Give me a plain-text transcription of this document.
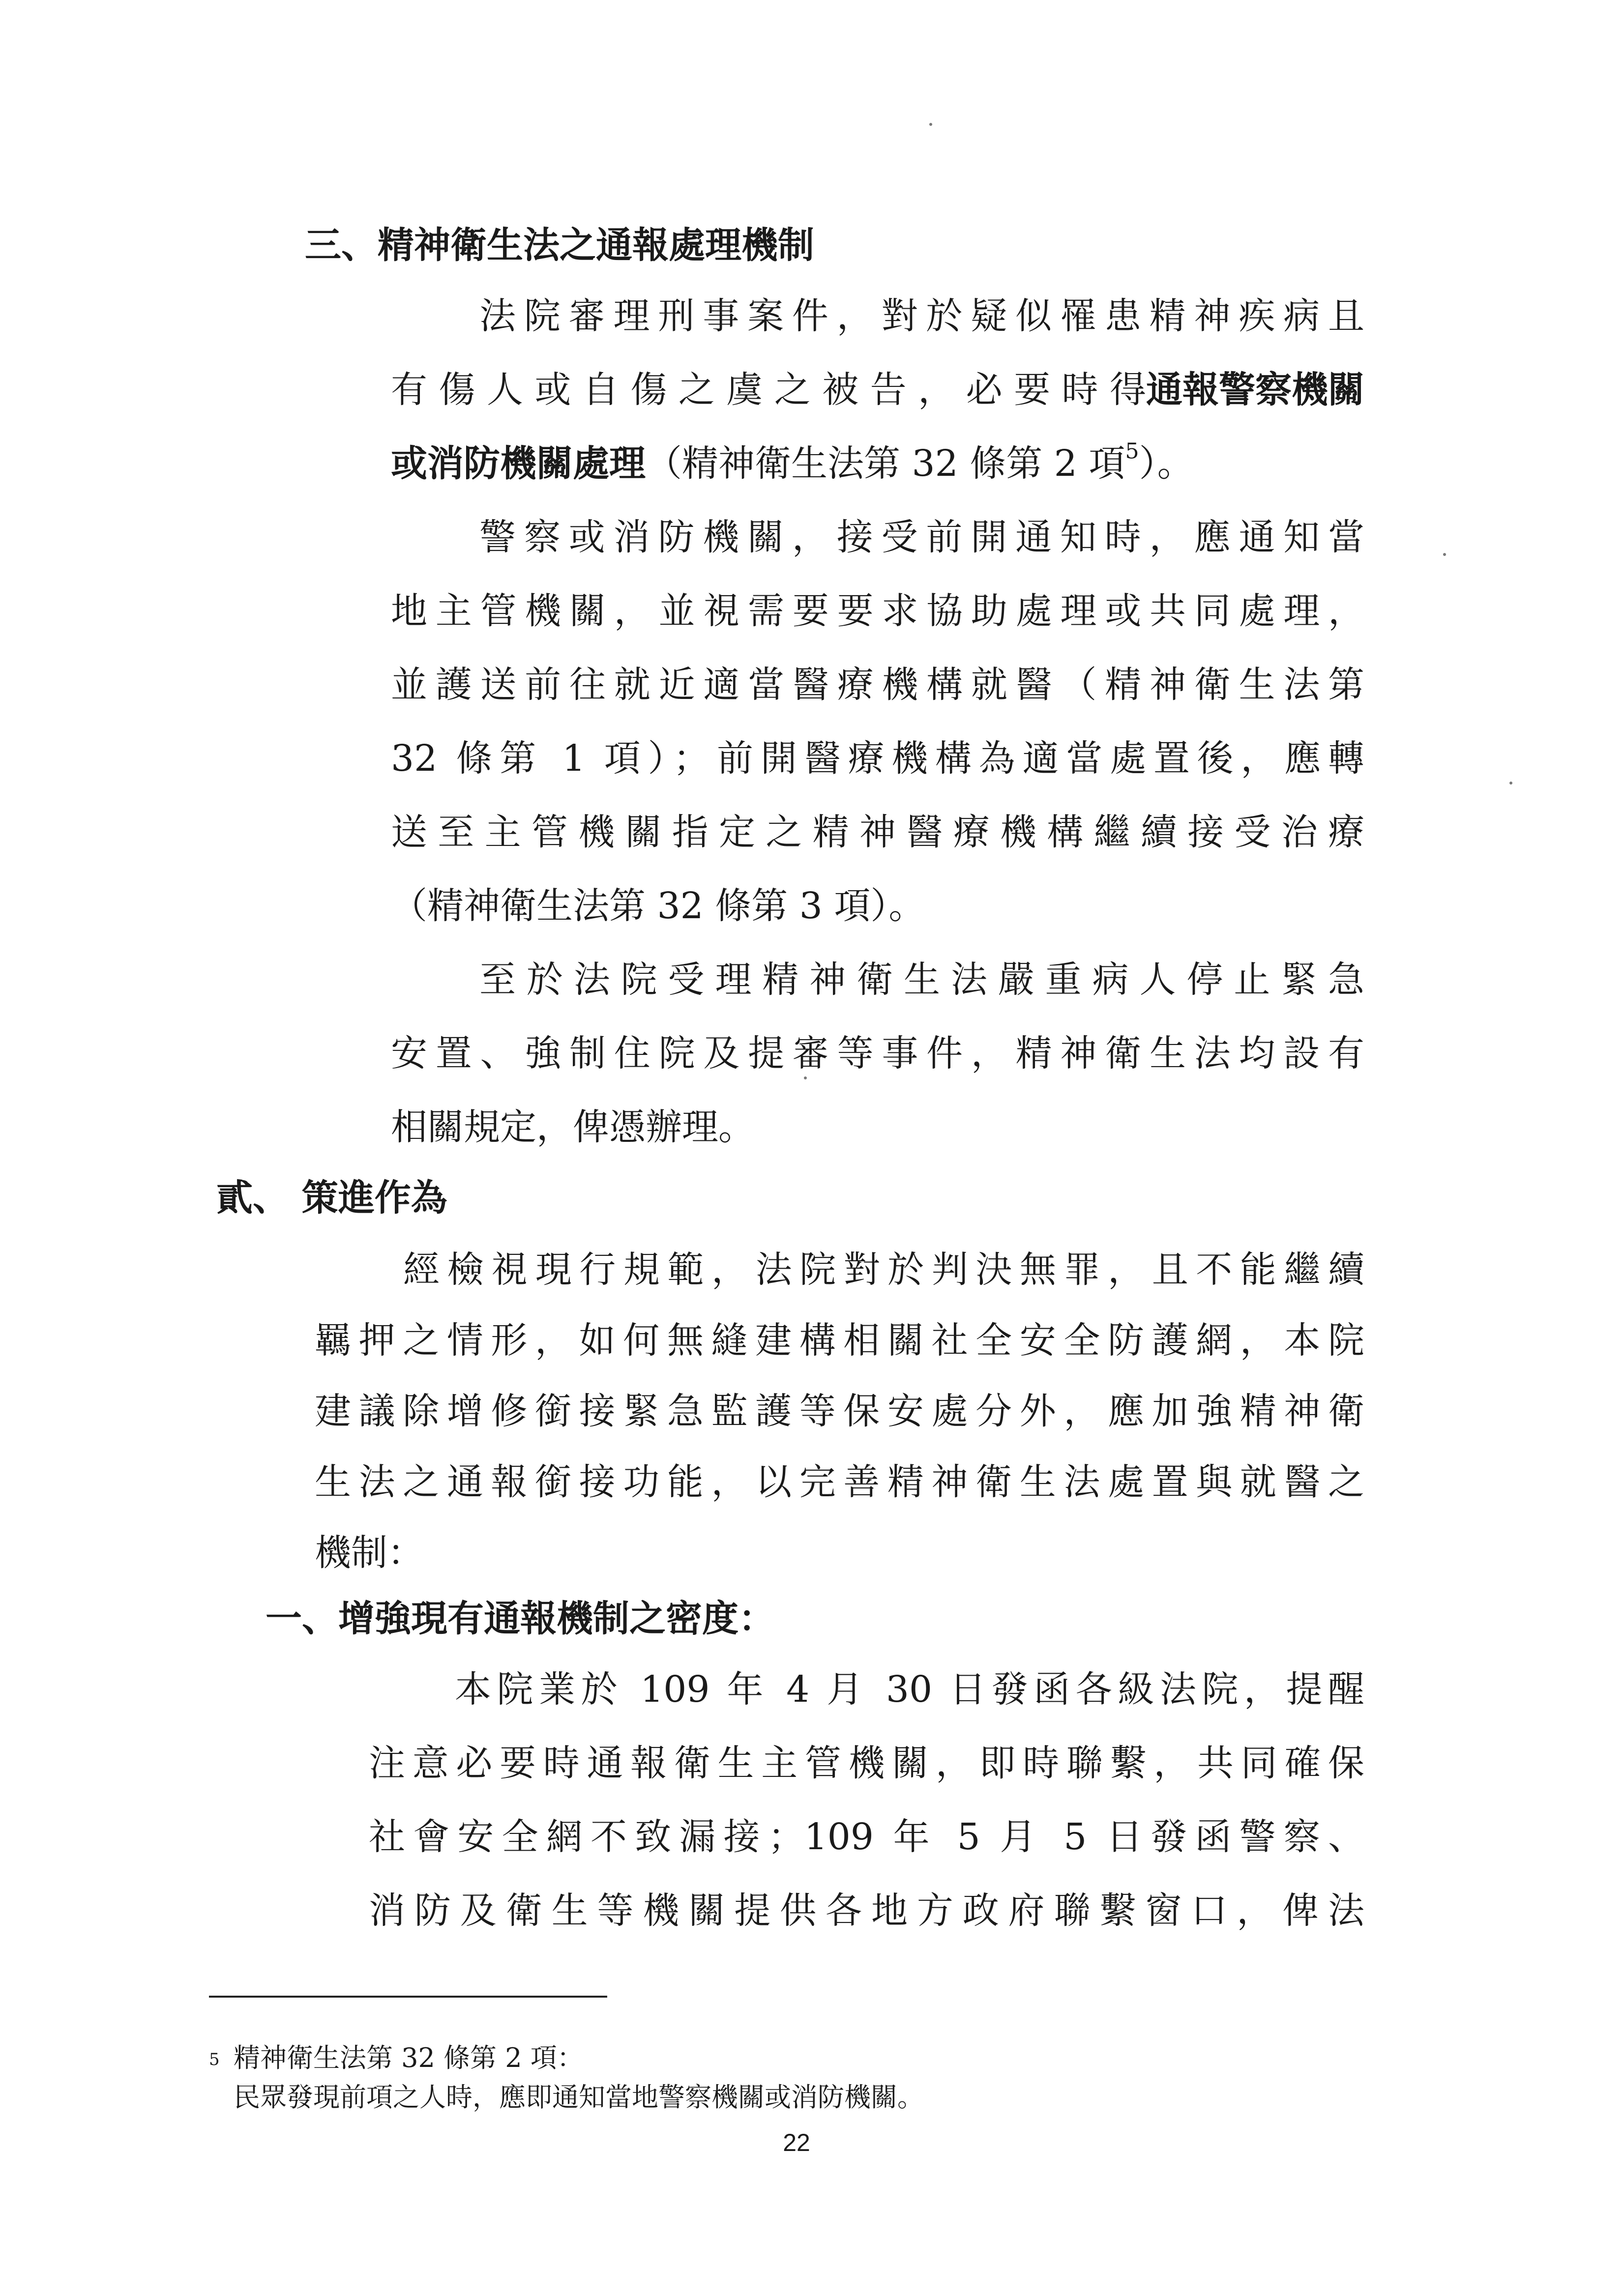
三、精神衛生法之通報處理機制
法院審理刑事案件，對於疑似罹患精神疾病且
有傷人或自傷之虞之被告，必要時得 通報警察機關
或消防機關處理（精神衛生法第 32 條第 2 項$^5$）。
警察或消防機關，接受前開通知時，應通知當
地主管機關，並視需要要求協助處理或共同處理，
並護送前往就近適當醫療機構就醫（精神衛生法第
32 條第 1 項）；前開醫療機構為適當處置後，應轉
送至主管機關指定之精神醫療機構繼續接受治療
（精神衛生法第 32 條第 3 項）。
至於法院受理精神衛生法嚴重病人停止緊急
安置、強制住院及提審等事件，精神衛生法均設有
相關規定，俾憑辦理。
貳、 策進作為
經檢視現行規範，法院對於判決無罪，且不能繼續
羈押之情形，如何無縫建構相關社全安全防護網，本院
建議除增修銜接緊急監護等保安處分外，應加強精神衛
生法之通報銜接功能，以完善精神衛生法處置與就醫之
機制：
一、增強現有通報機制之密度：
本院業於 109 年 4 月 30 日發函各級法院，提醒
注意必要時通報衛生主管機關，即時聯繫，共同確保
社會安全網不致漏接；109 年 5 月 5 日發函警察、
消防及衛生等機關提供各地方政府聯繫窗口，俾法
5 精神衛生法第 32 條第 2 項：
民眾發現前項之人時，應即通知當地警察機關或消防機關。
22
